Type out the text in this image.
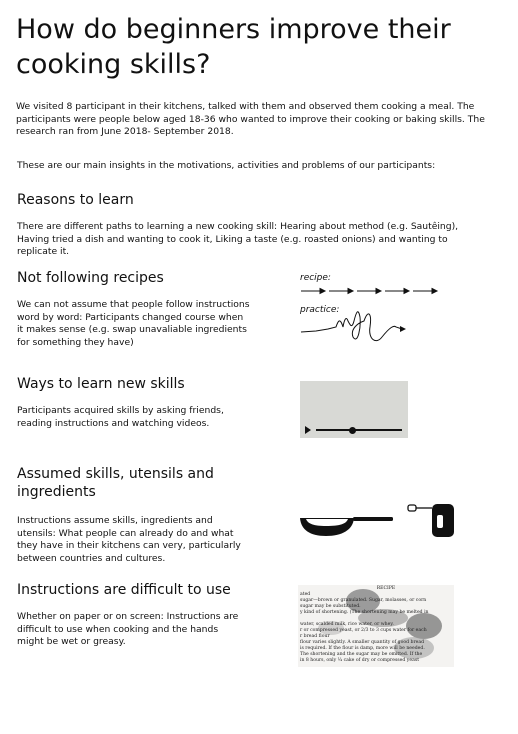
How do beginners improve their cooking skills?

We visited 8 participant in their kitchens, talked with them and observed them cooking a meal. The participants were people below aged 18-36 who wanted to improve their cooking or baking skills. The research ran from June 2018- September 2018.

These are our main insights in the motivations, activities and problems of our participants:

Reasons to learn

There are different paths to learning a new cooking skill: Hearing about method (e.g. Sautêing), Having tried a dish and wanting to cook it, Liking a taste (e.g. roasted onions) and wanting to replicate it.

Not following recipes

We can not assume that people follow instructions word by word: Participants changed course when it makes sense (e.g. swap unavaliable ingredients for something they have)

recipe:
practice:
Ways to learn new skills

Participants acquired skills by asking friends, reading instructions and watching videos.

Assumed skills, utensils and ingredients

Instructions assume skills, ingredients and utensils: What people can already do and what they have in their kitchens can very, particularly between countries and cultures.

Instructions are difficult to use

Whether on paper or on screen: Instructions are difficult to use when cooking and the hands might be wet or greasy.

RECIPE
ated
sugar—brown or granulated. Sugar, molasses, or corn
sugar may be substituted.
y kind of shortening. (The shortening may be melted in

water, scalded milk, rice water, or whey.
r or compressed yeast, or 2/3 to 3 cups water for each
r bread flour
flour varies slightly. A smaller quantity of good bread
is required. If the flour is damp, more will be needed.
The shortening and the sugar may be omitted. If the
in 8 hours, only ¼ cake of dry or compressed yeast
